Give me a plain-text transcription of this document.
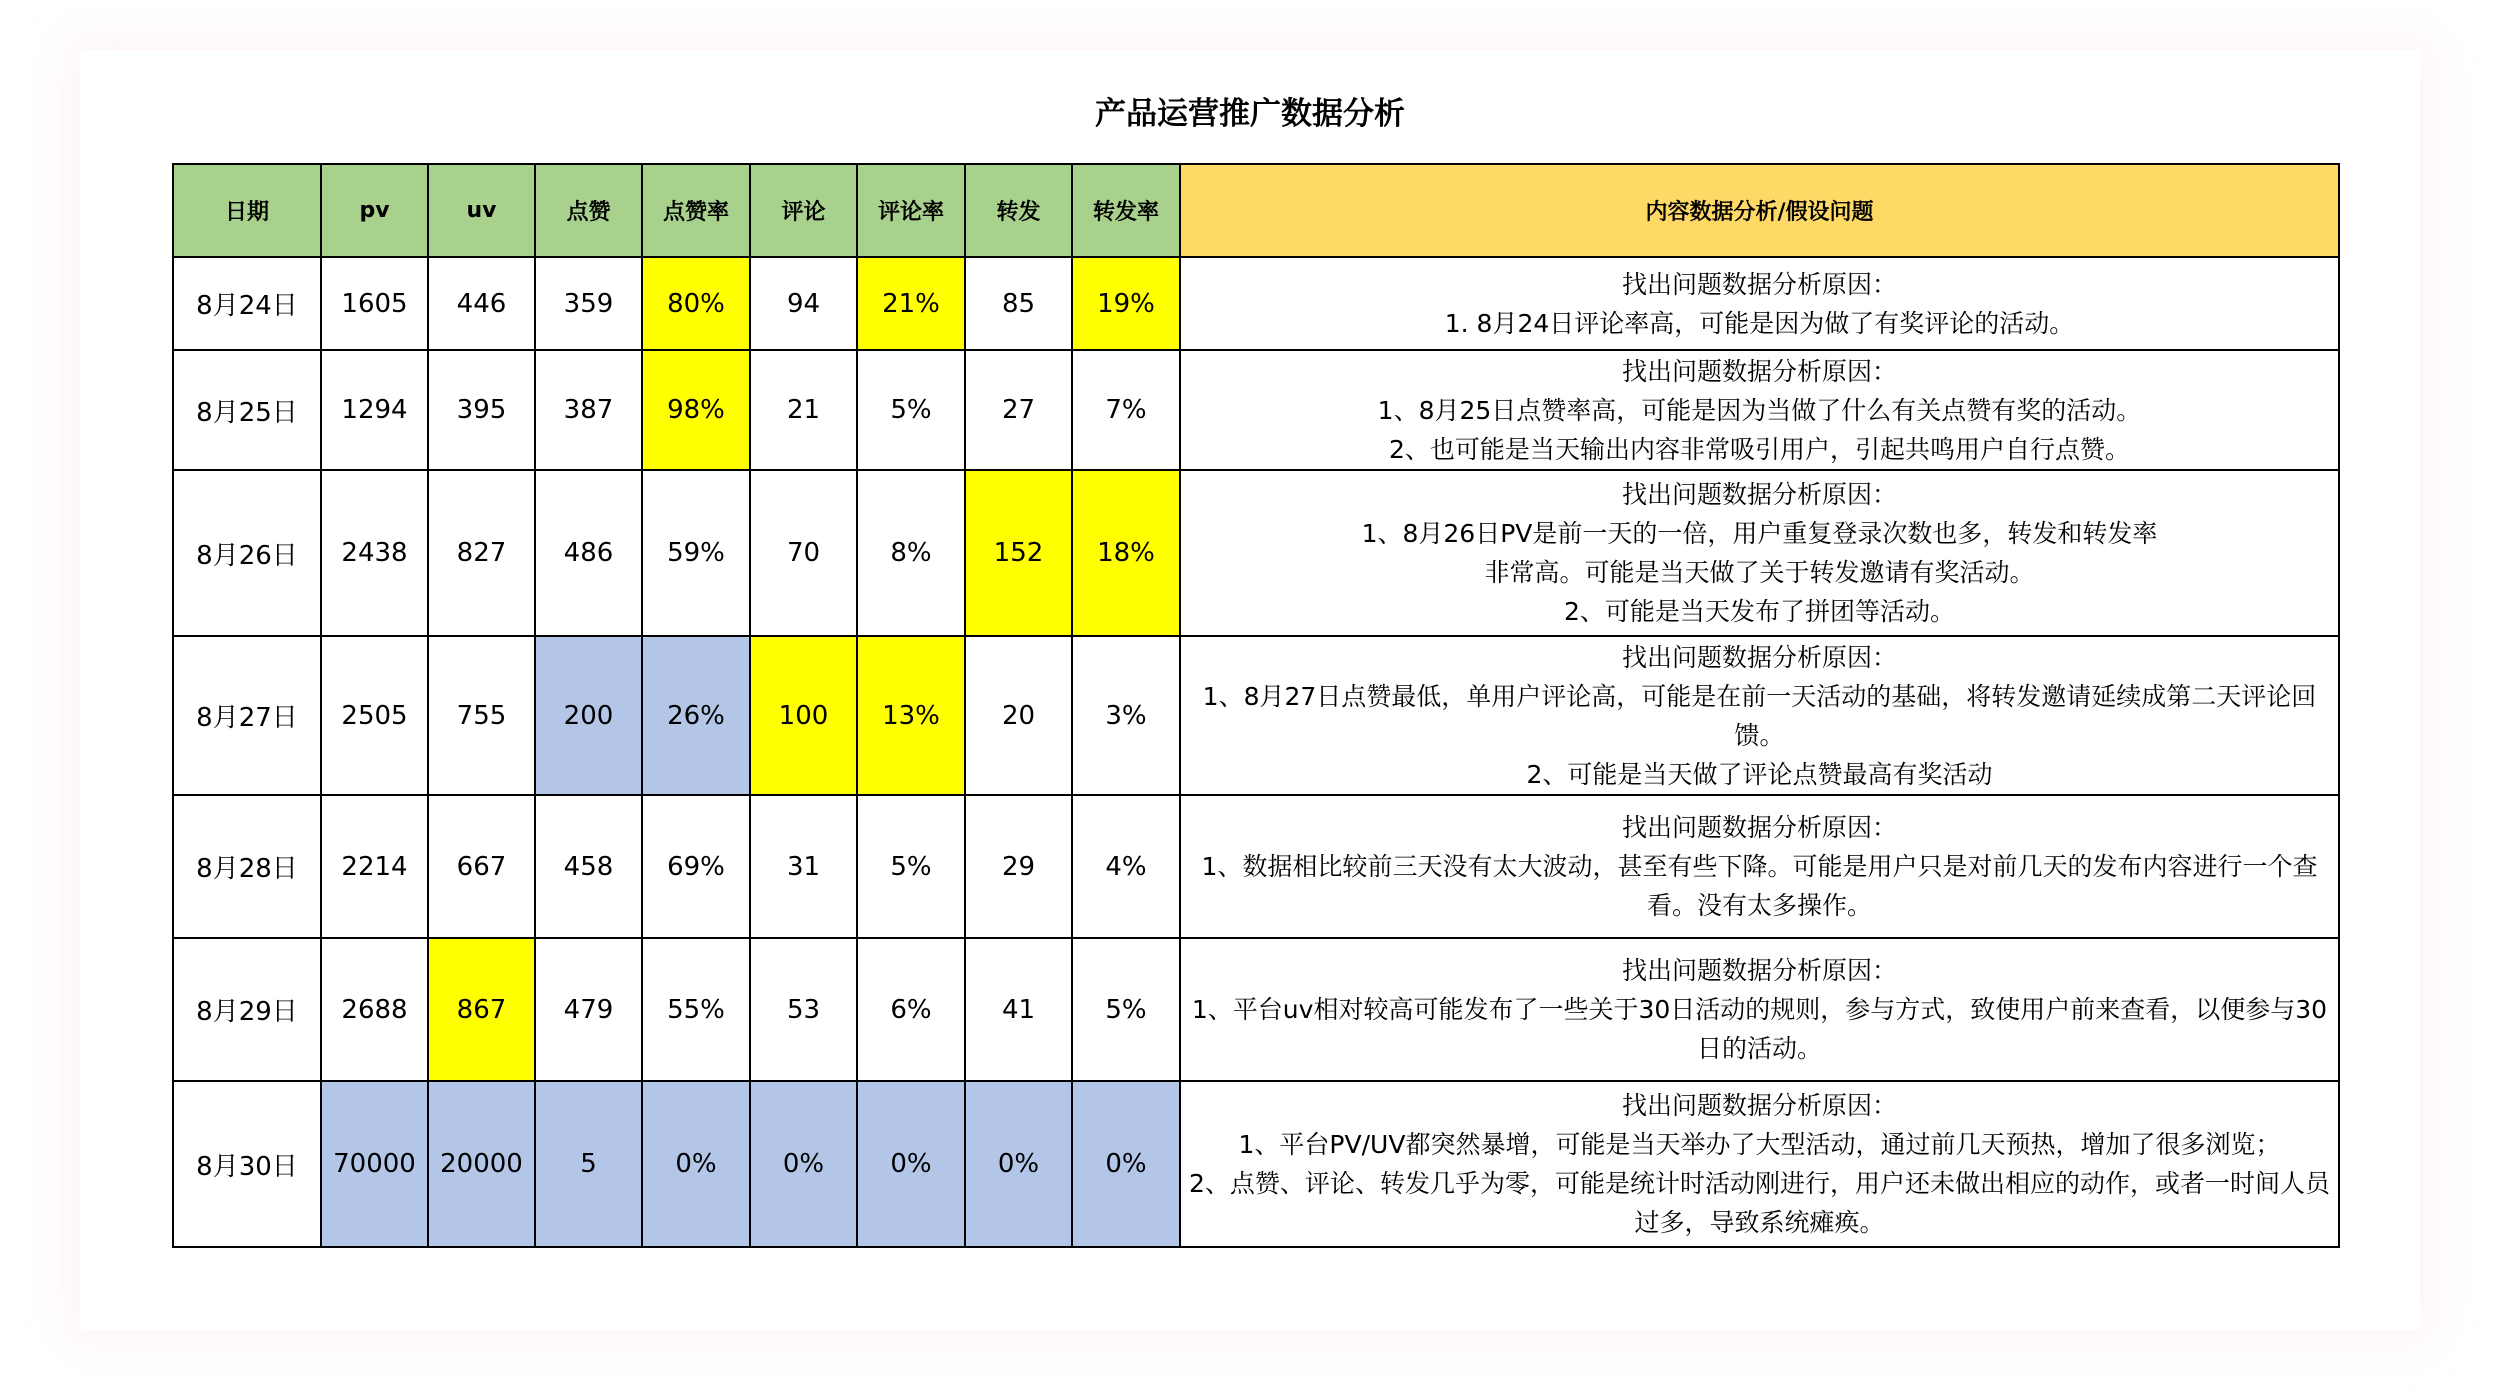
产品运营推广数据分析
日期	pv	uv	点赞	点赞率	评论	评论率	转发	转发率	内容数据分析/假设问题
8月24日	1605	446	359	80%	94	21%	85	19%	找出问题数据分析原因：
1. 8月24日评论率高，可能是因为做了有奖评论的活动。

8月25日	1294	395	387	98%	21	5%	27	7%	找出问题数据分析原因：
1、8月25日点赞率高，可能是因为当做了什么有关点赞有奖的活动。
2、也可能是当天输出内容非常吸引用户，引起共鸣用户自行点赞。

8月26日	2438	827	486	59%	70	8%	152	18%	找出问题数据分析原因：
1、8月26日PV是前一天的一倍，用户重复登录次数也多，转发和转发率
非常高。可能是当天做了关于转发邀请有奖活动。
2、可能是当天发布了拼团等活动。

8月27日	2505	755	200	26%	100	13%	20	3%	找出问题数据分析原因：
1、8月27日点赞最低，单用户评论高，可能是在前一天活动的基础，将转发邀请延续成第二天评论回馈。
2、可能是当天做了评论点赞最高有奖活动

8月28日	2214	667	458	69%	31	5%	29	4%	找出问题数据分析原因：
1、数据相比较前三天没有太大波动，甚至有些下降。可能是用户只是对前几天的发布内容进行一个查看。没有太多操作。

8月29日	2688	867	479	55%	53	6%	41	5%	找出问题数据分析原因：
1、平台uv相对较高可能发布了一些关于30日活动的规则，参与方式，致使用户前来查看，以便参与30日的活动。

8月30日	70000	20000	5	0%	0%	0%	0%	0%	找出问题数据分析原因：
1、平台PV/UV都突然暴增，可能是当天举办了大型活动，通过前几天预热，增加了很多浏览；
2、点赞、评论、转发几乎为零，可能是统计时活动刚进行，用户还未做出相应的动作，或者一时间人员过多，导致系统瘫痪。
